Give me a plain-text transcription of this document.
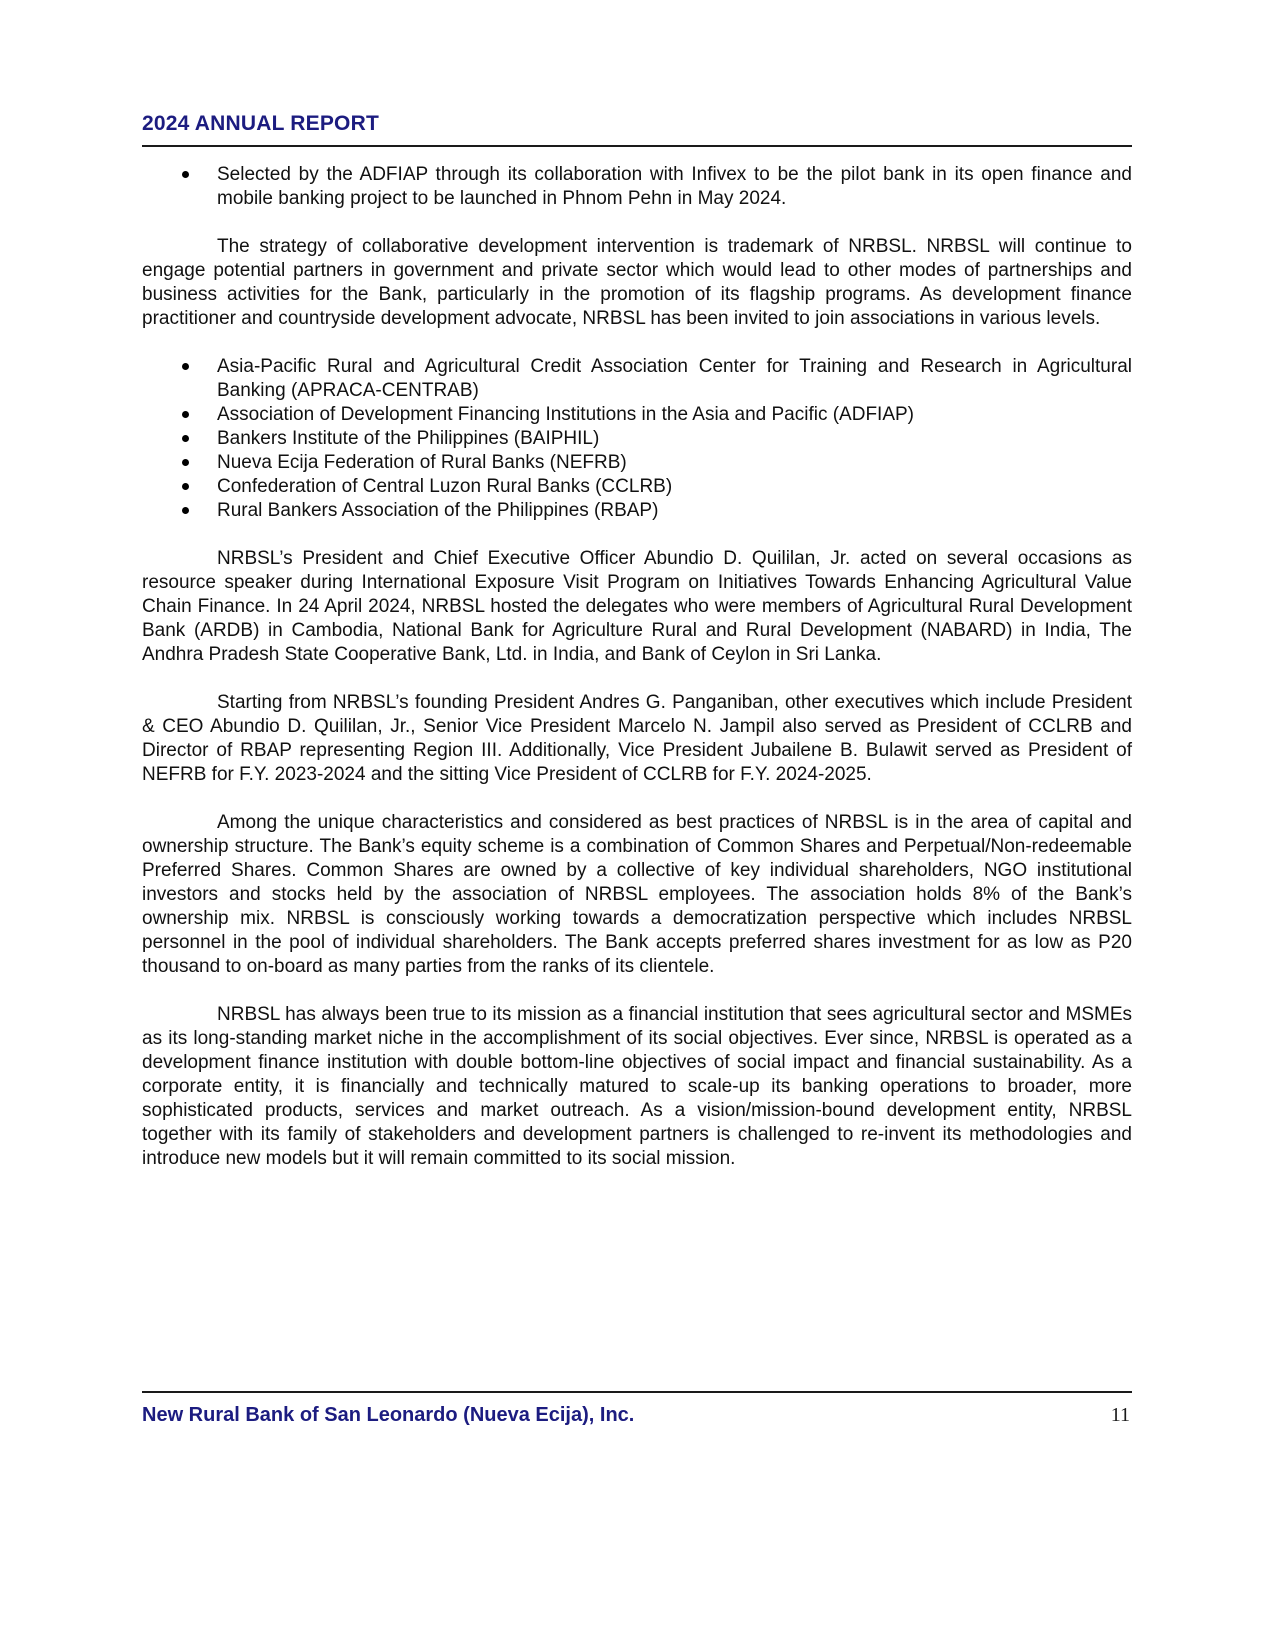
2024 ANNUAL REPORT
Selected by the ADFIAP through its collaboration with Infivex to be the pilot bank in its open finance and mobile banking project to be launched in Phnom Pehn in May 2024.

The strategy of collaborative development intervention is trademark of NRBSL. NRBSL will continue to engage potential partners in government and private sector which would lead to other modes of partnerships and business activities for the Bank, particularly in the promotion of its flagship programs. As development finance practitioner and countryside development advocate, NRBSL has been invited to join associations in various levels.

Asia-Pacific Rural and Agricultural Credit Association Center for Training and Research in Agricultural Banking (APRACA-CENTRAB)
Association of Development Financing Institutions in the Asia and Pacific (ADFIAP)
Bankers Institute of the Philippines (BAIPHIL)
Nueva Ecija Federation of Rural Banks (NEFRB)
Confederation of Central Luzon Rural Banks (CCLRB)
Rural Bankers Association of the Philippines (RBAP)

NRBSL’s President and Chief Executive Officer Abundio D. Quililan, Jr. acted on several occasions as resource speaker during International Exposure Visit Program on Initiatives Towards Enhancing Agricultural Value Chain Finance. In 24 April 2024, NRBSL hosted the delegates who were members of Agricultural Rural Development Bank (ARDB) in Cambodia, National Bank for Agriculture Rural and Rural Development (NABARD) in India, The Andhra Pradesh State Cooperative Bank, Ltd. in India, and Bank of Ceylon in Sri Lanka.

Starting from NRBSL’s founding President Andres G. Panganiban, other executives which include President & CEO Abundio D. Quililan, Jr., Senior Vice President Marcelo N. Jampil also served as President of CCLRB and Director of RBAP representing Region III. Additionally, Vice President Jubailene B. Bulawit served as President of NEFRB for F.Y. 2023-2024 and the sitting Vice President of CCLRB for F.Y. 2024-2025.

Among the unique characteristics and considered as best practices of NRBSL is in the area of capital and ownership structure. The Bank’s equity scheme is a combination of Common Shares and Perpetual/Non-redeemable Preferred Shares. Common Shares are owned by a collective of key individual shareholders, NGO institutional investors and stocks held by the association of NRBSL employees. The association holds 8% of the Bank’s ownership mix. NRBSL is consciously working towards a democratization perspective which includes NRBSL personnel in the pool of individual shareholders. The Bank accepts preferred shares investment for as low as P20 thousand to on-board as many parties from the ranks of its clientele.

NRBSL has always been true to its mission as a financial institution that sees agricultural sector and MSMEs as its long-standing market niche in the accomplishment of its social objectives. Ever since, NRBSL is operated as a development finance institution with double bottom-line objectives of social impact and financial sustainability. As a corporate entity, it is financially and technically matured to scale-up its banking operations to broader, more sophisticated products, services and market outreach. As a vision/mission-bound development entity, NRBSL together with its family of stakeholders and development partners is challenged to re-invent its methodologies and introduce new models but it will remain committed to its social mission.

New Rural Bank of San Leonardo (Nueva Ecija), Inc.	11
